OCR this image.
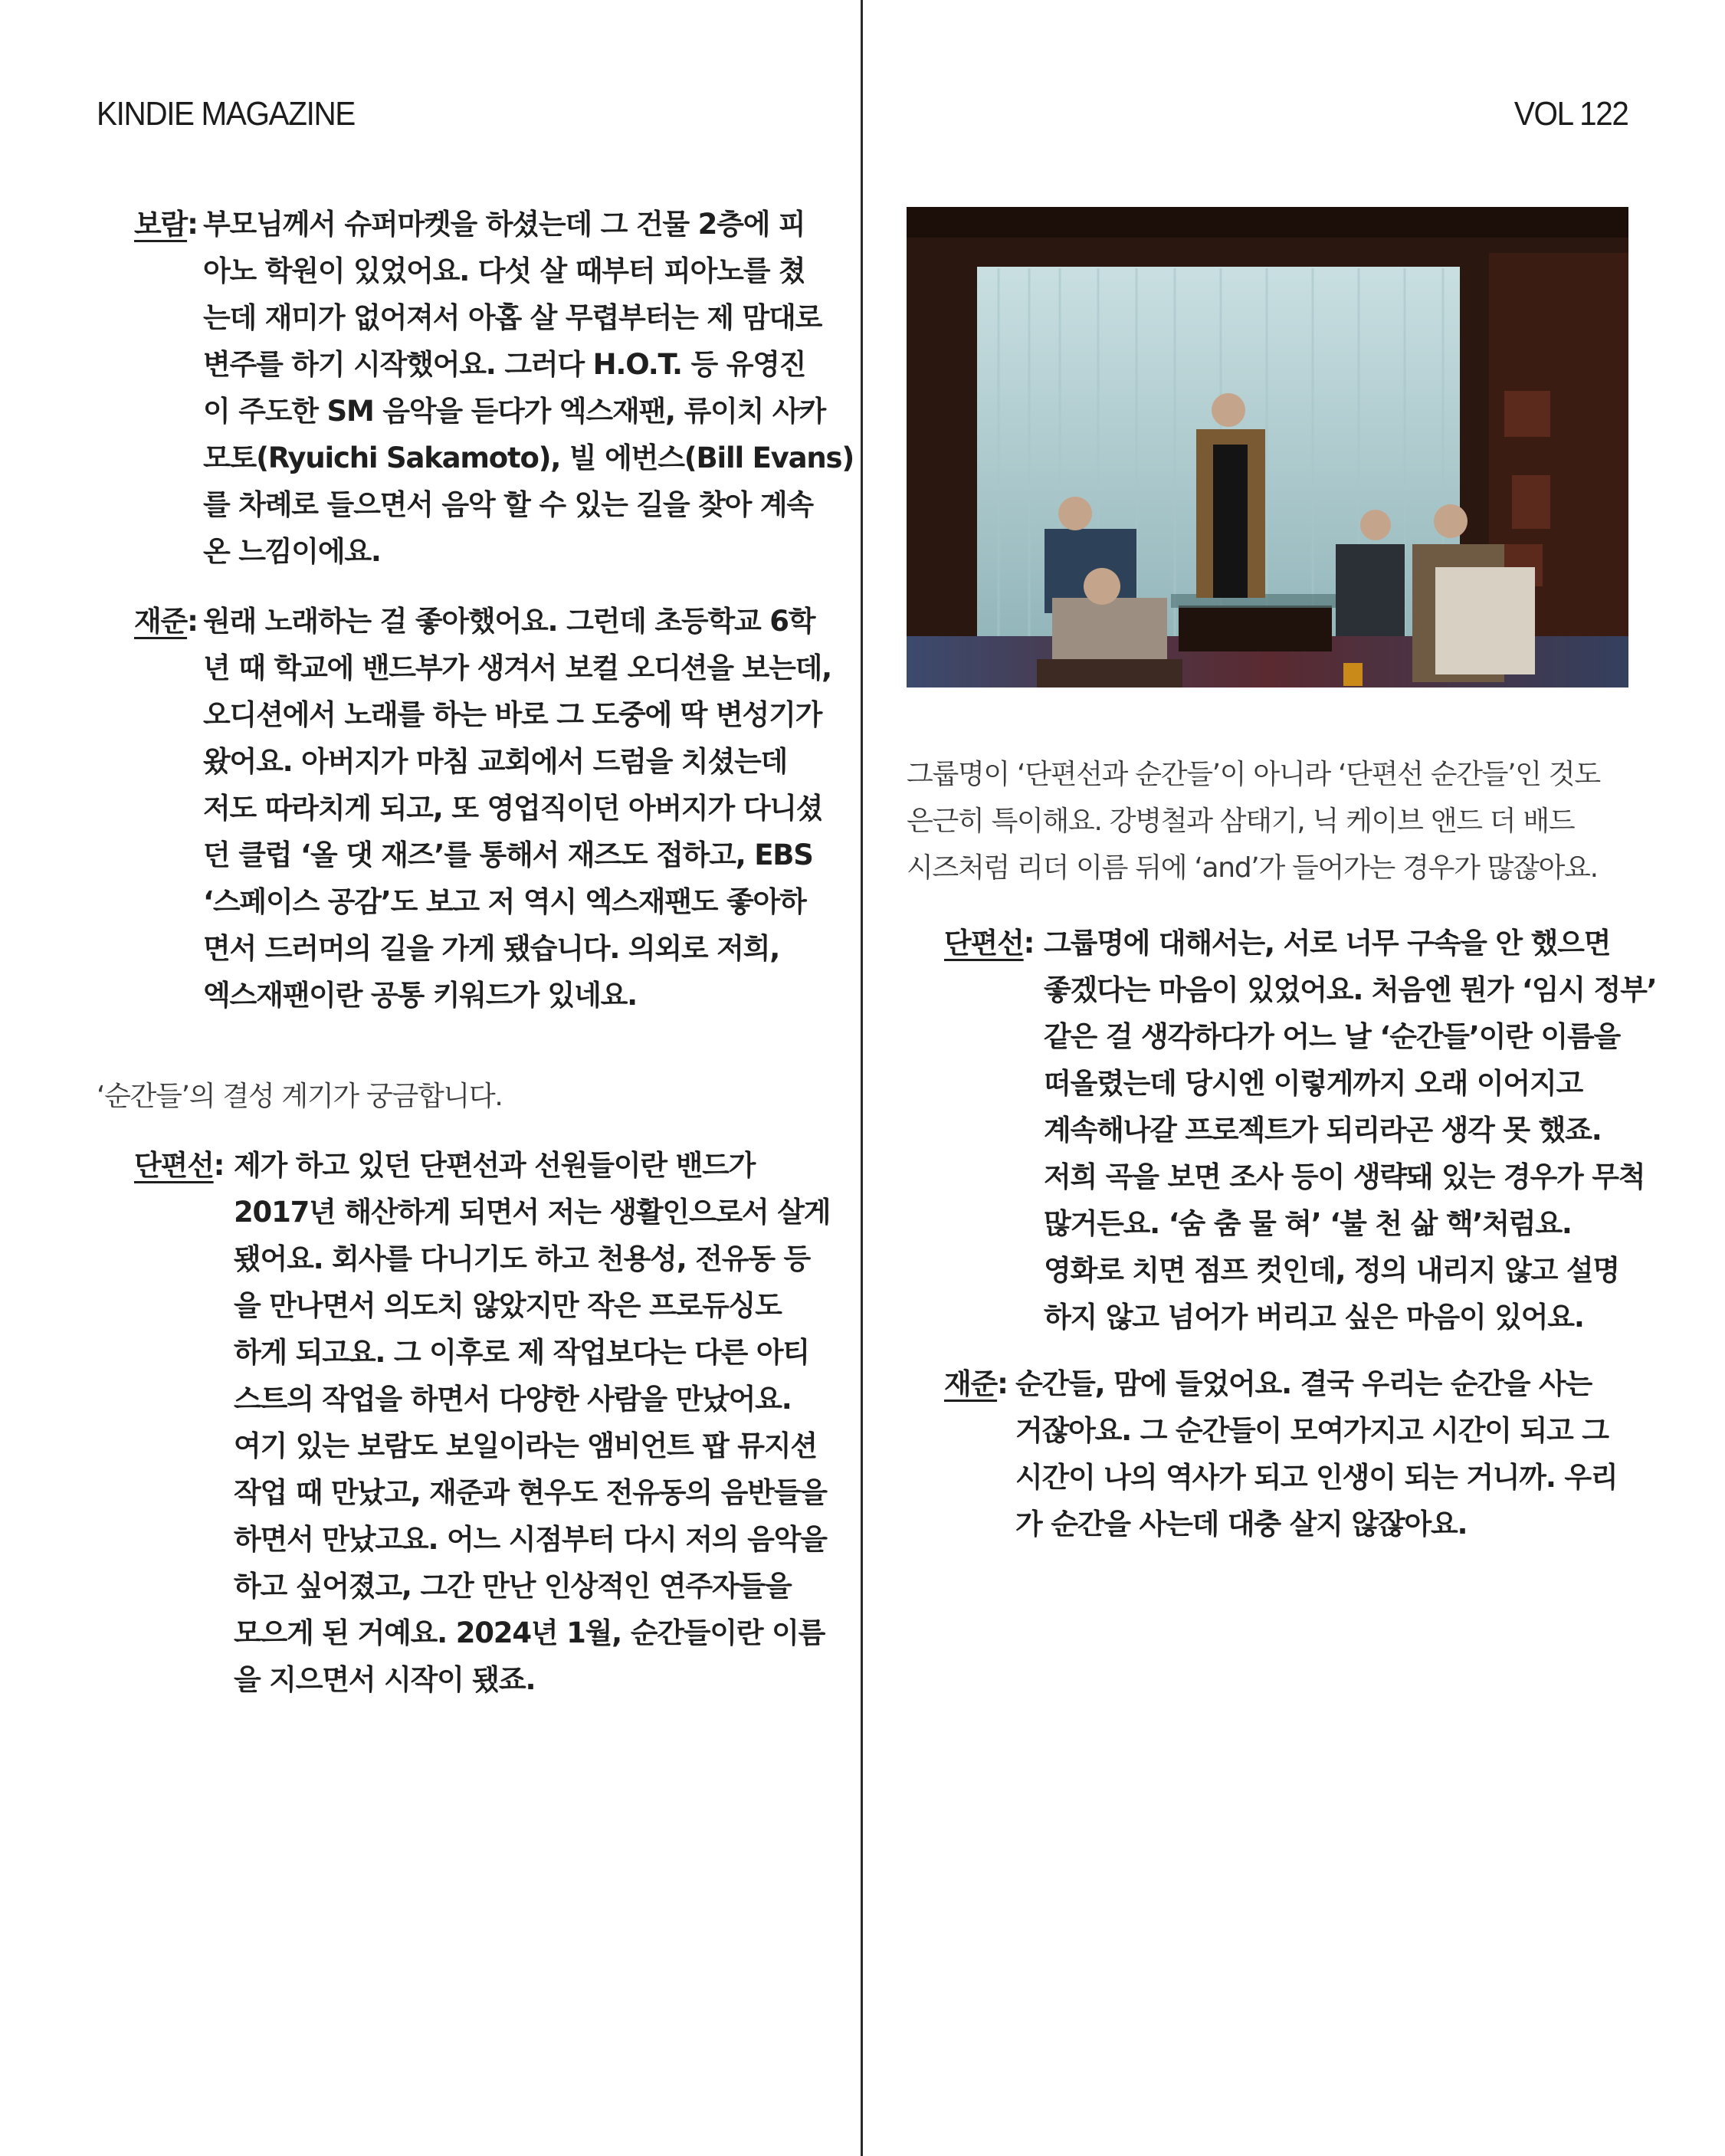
KINDIE MAGAZINE	VOL 122
보람: 부모님께서 슈퍼마켓을 하셨는데 그 건물 2층에 피
아노 학원이 있었어요. 다섯 살 때부터 피아노를 쳤
는데 재미가 없어져서 아홉 살 무렵부터는 제 맘대로
변주를 하기 시작했어요. 그러다 H.O.T. 등 유영진
이 주도한 SM 음악을 듣다가 엑스재팬, 류이치 사카
모토(Ryuichi Sakamoto), 빌 에번스(Bill Evans)
를 차례로 들으면서 음악 할 수 있는 길을 찾아 계속
온 느낌이에요.
재준: 원래 노래하는 걸 좋아했어요. 그런데 초등학교 6학
년 때 학교에 밴드부가 생겨서 보컬 오디션을 보는데,
오디션에서 노래를 하는 바로 그 도중에 딱 변성기가
왔어요. 아버지가 마침 교회에서 드럼을 치셨는데
저도 따라치게 되고, 또 영업직이던 아버지가 다니셨
던 클럽 ‘올 댓 재즈’를 통해서 재즈도 접하고, EBS
‘스페이스 공감’도 보고 저 역시 엑스재팬도 좋아하
면서 드러머의 길을 가게 됐습니다. 의외로 저희,
엑스재팬이란 공통 키워드가 있네요.
‘순간들’의 결성 계기가 궁금합니다.
단편선: 제가 하고 있던 단편선과 선원들이란 밴드가
2017년 해산하게 되면서 저는 생활인으로서 살게
됐어요. 회사를 다니기도 하고 천용성, 전유동 등
을 만나면서 의도치 않았지만 작은 프로듀싱도
하게 되고요. 그 이후로 제 작업보다는 다른 아티
스트의 작업을 하면서 다양한 사람을 만났어요.
여기 있는 보람도 보일이라는 앰비언트 팝 뮤지션
작업 때 만났고, 재준과 현우도 전유동의 음반들을
하면서 만났고요. 어느 시점부터 다시 저의 음악을
하고 싶어졌고, 그간 만난 인상적인 연주자들을
모으게 된 거예요. 2024년 1월, 순간들이란 이름
을 지으면서 시작이 됐죠.
그룹명이 ‘단편선과 순간들’이 아니라 ‘단편선 순간들’인 것도
은근히 특이해요. 강병철과 삼태기, 닉 케이브 앤드 더 배드
시즈처럼 리더 이름 뒤에 ‘and’가 들어가는 경우가 많잖아요.
단편선: 그룹명에 대해서는, 서로 너무 구속을 안 했으면
좋겠다는 마음이 있었어요. 처음엔 뭔가 ‘임시 정부’
같은 걸 생각하다가 어느 날 ‘순간들’이란 이름을
떠올렸는데 당시엔 이렇게까지 오래 이어지고
계속해나갈 프로젝트가 되리라곤 생각 못 했죠.
저희 곡을 보면 조사 등이 생략돼 있는 경우가 무척
많거든요. ‘숨 춤 물 혀’ ‘불 천 삶 핵’처럼요.
영화로 치면 점프 컷인데, 정의 내리지 않고 설명
하지 않고 넘어가 버리고 싶은 마음이 있어요.
재준: 순간들, 맘에 들었어요. 결국 우리는 순간을 사는
거잖아요. 그 순간들이 모여가지고 시간이 되고 그
시간이 나의 역사가 되고 인생이 되는 거니까. 우리
가 순간을 사는데 대충 살지 않잖아요.
